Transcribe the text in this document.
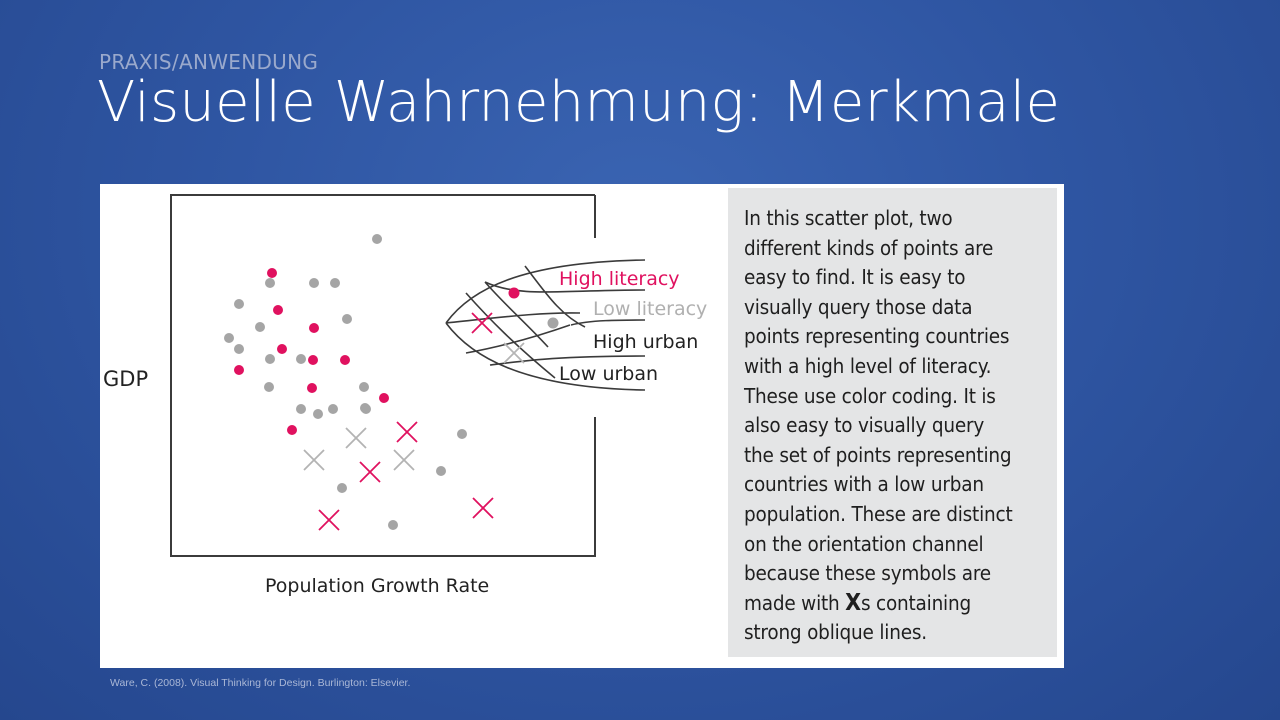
PRAXIS/ANWENDUNG
Visuelle Wahrnehmung: Merkmale
GDP
Population Growth Rate
High literacy
Low literacy
High urban
Low urban
In this scatter plot, two
different kinds of points are
easy to find. It is easy to
visually query those data
points representing countries
with a high level of literacy.
These use color coding. It is
also easy to visually query
the set of points representing
countries with a low urban
population. These are distinct
on the orientation channel
because these symbols are
made with Xs containing
strong oblique lines.
Ware, C. (2008). Visual Thinking for Design. Burlington: Elsevier.
